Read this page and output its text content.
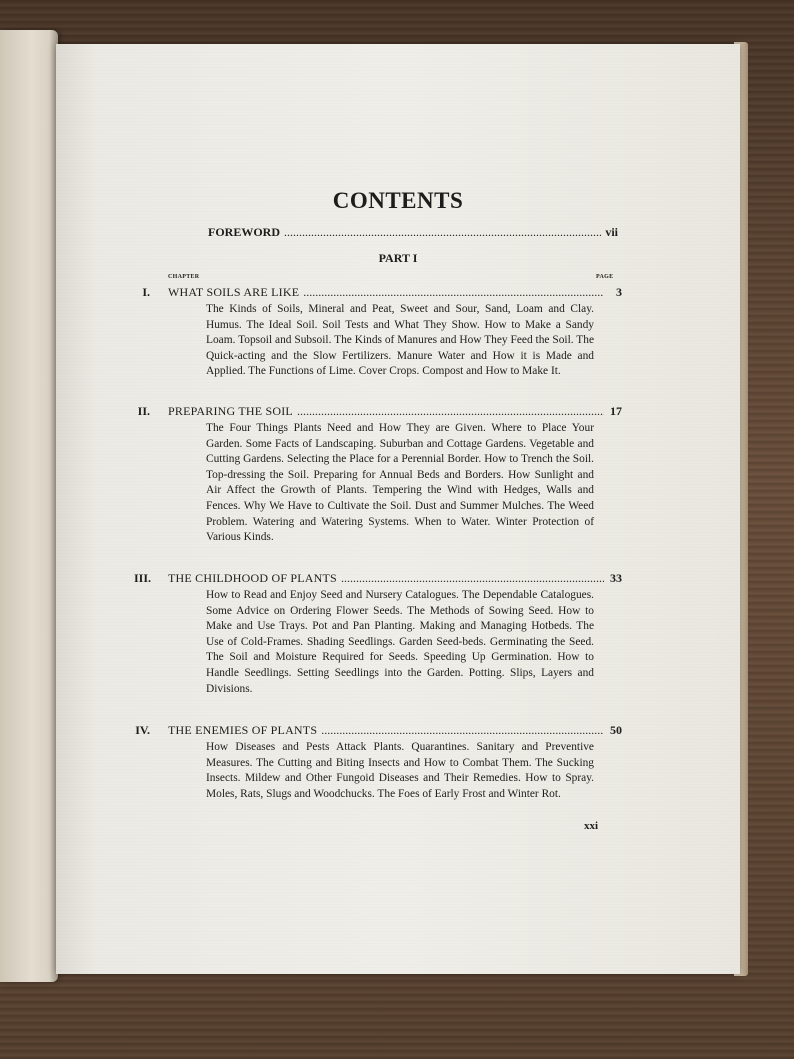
CONTENTS
FOREWORD . . .	vii
PART I
CHAPTER	PAGE
I.	WHAT SOILS ARE LIKE . . .	3
The Kinds of Soils, Mineral and Peat, Sweet and Sour, Sand, Loam and Clay. Humus. The Ideal Soil. Soil Tests and What They Show. How to Make a Sandy Loam. Topsoil and Subsoil. The Kinds of Manures and How They Feed the Soil. The Quick-acting and the Slow Fertilizers. Manure Water and How it is Made and Applied. The Functions of Lime. Cover Crops. Compost and How to Make It.
II.	PREPARING THE SOIL . . .	17
The Four Things Plants Need and How They are Given. Where to Place Your Garden. Some Facts of Landscaping. Suburban and Cottage Gardens. Vegetable and Cutting Gardens. Selecting the Place for a Perennial Border. How to Trench the Soil. Top-dressing the Soil. Preparing for Annual Beds and Borders. How Sunlight and Air Affect the Growth of Plants. Tempering the Wind with Hedges, Walls and Fences. Why We Have to Cultivate the Soil. Dust and Summer Mulches. The Weed Problem. Watering and Watering Systems. When to Water. Winter Protection of Various Kinds.
III.	THE CHILDHOOD OF PLANTS . . .	33
How to Read and Enjoy Seed and Nursery Catalogues. The Dependable Catalogues. Some Advice on Ordering Flower Seeds. The Methods of Sowing Seed. How to Make and Use Trays. Pot and Pan Planting. Making and Managing Hotbeds. The Use of Cold-Frames. Shading Seedlings. Garden Seed-beds. Germinating the Seed. The Soil and Moisture Required for Seeds. Speeding Up Germination. How to Handle Seedlings. Setting Seedlings into the Garden. Potting. Slips, Layers and Divisions.
IV.	THE ENEMIES OF PLANTS . . .	50
How Diseases and Pests Attack Plants. Quarantines. Sanitary and Preventive Measures. The Cutting and Biting Insects and How to Combat Them. The Sucking Insects. Mildew and Other Fungoid Diseases and Their Remedies. How to Spray. Moles, Rats, Slugs and Woodchucks. The Foes of Early Frost and Winter Rot.
xxi
